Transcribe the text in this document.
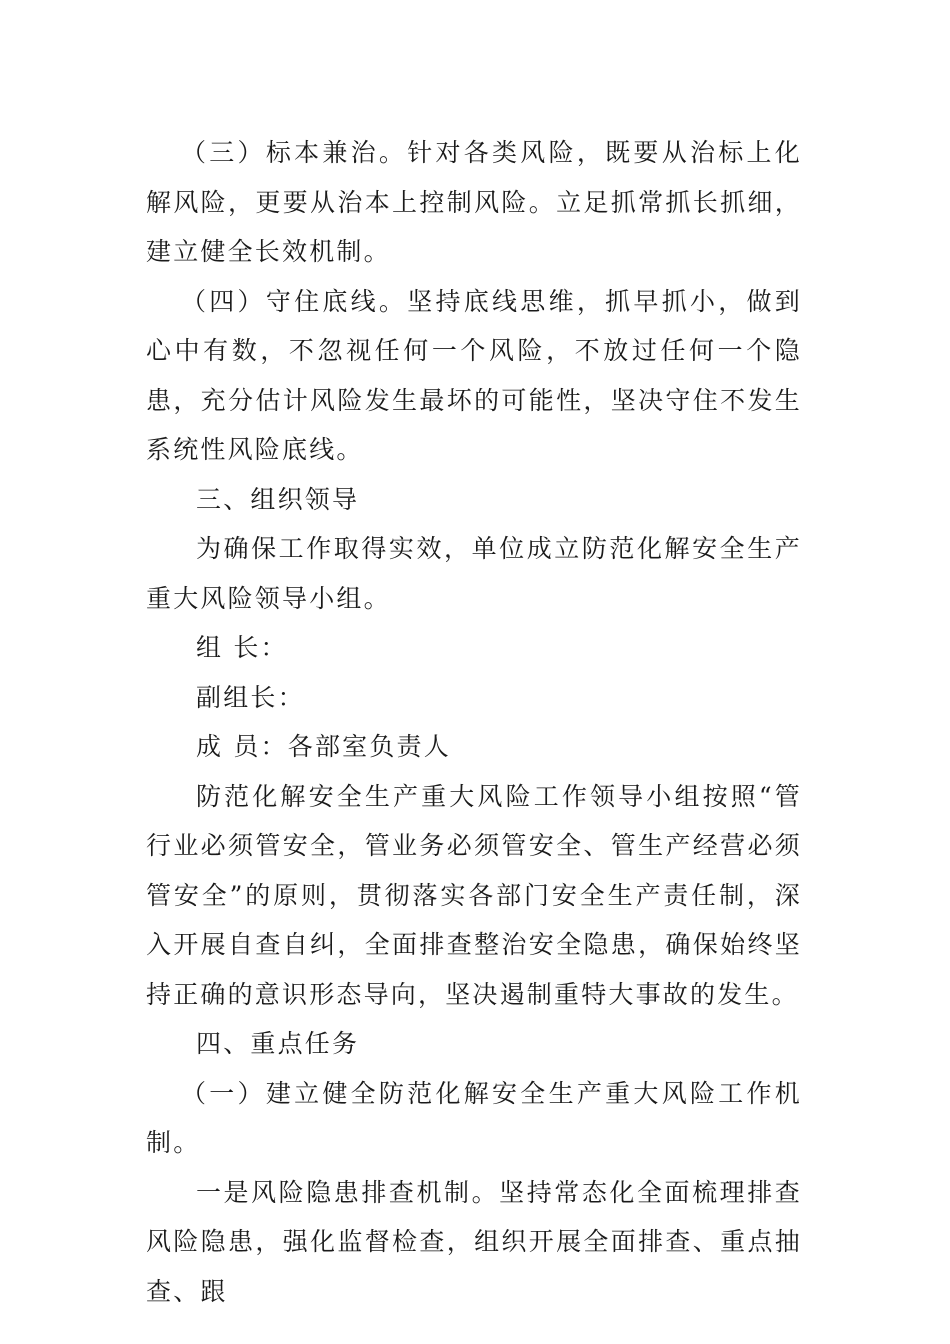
（三）标本兼治。针对各类风险，既要从治标上化解风险，更要从治本上控制风险。立足抓常抓长抓细，建立健全长效机制。

（四）守住底线。坚持底线思维，抓早抓小，做到心中有数，不忽视任何一个风险，不放过任何一个隐患，充分估计风险发生最坏的可能性，坚决守住不发生系统性风险底线。

三、组织领导

为确保工作取得实效，单位成立防范化解安全生产重大风险领导小组。

组 长：

副组长：

成 员：各部室负责人

防范化解安全生产重大风险工作领导小组按照“管行业必须管安全，管业务必须管安全、管生产经营必须管安全”的原则，贯彻落实各部门安全生产责任制，深入开展自查自纠，全面排查整治安全隐患，确保始终坚持正确的意识形态导向，坚决遏制重特大事故的发生。

四、重点任务

（一）建立健全防范化解安全生产重大风险工作机制。

一是风险隐患排查机制。坚持常态化全面梳理排查风险隐患，强化监督检查，组织开展全面排查、重点抽查、跟
